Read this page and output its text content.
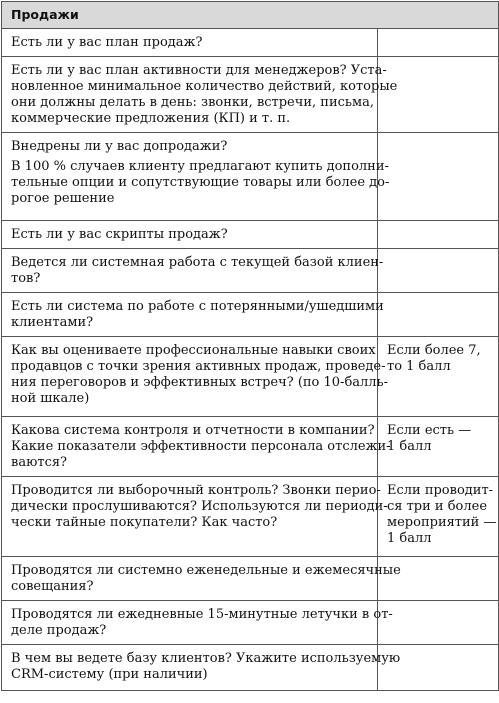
Продажи	

Есть ли у вас план продаж?	

Есть ли у вас план активности для менеджеров? Уста-
новленное минимальное количество действий, которые
они должны делать в день: звонки, встречи, письма,
коммерческие предложения (КП) и т. п.	

Внедрены ли у вас допродажи?
В 100 % случаев клиенту предлагают купить дополни-
тельные опции и сопутствующие товары или более до-
рогое решение	

Есть ли у вас скрипты продаж?	

Ведется ли системная работа с текущей базой клиен-
тов?	

Есть ли система по работе с потерянными/ушедшими
клиентами?	

Как вы оцениваете профессиональные навыки своих
продавцов с точки зрения активных продаж, проведе-
ния переговоров и эффективных встреч? (по 10-балль-
ной шкале)	Если более 7,
то 1 балл

Какова система контроля и отчетности в компании?
Какие показатели эффективности персонала отслежи-
ваются?	Если есть —
1 балл

Проводится ли выборочный контроль? Звонки перио-
дически прослушиваются? Используются ли периоди-
чески тайные покупатели? Как часто?	Если проводит-
ся три и более
мероприятий —
1 балл

Проводятся ли системно еженедельные и ежемесячные
совещания?	

Проводятся ли ежедневные 15-минутные летучки в от-
деле продаж?	

В чем вы ведете базу клиентов? Укажите используемую
CRM-систему (при наличии)	
